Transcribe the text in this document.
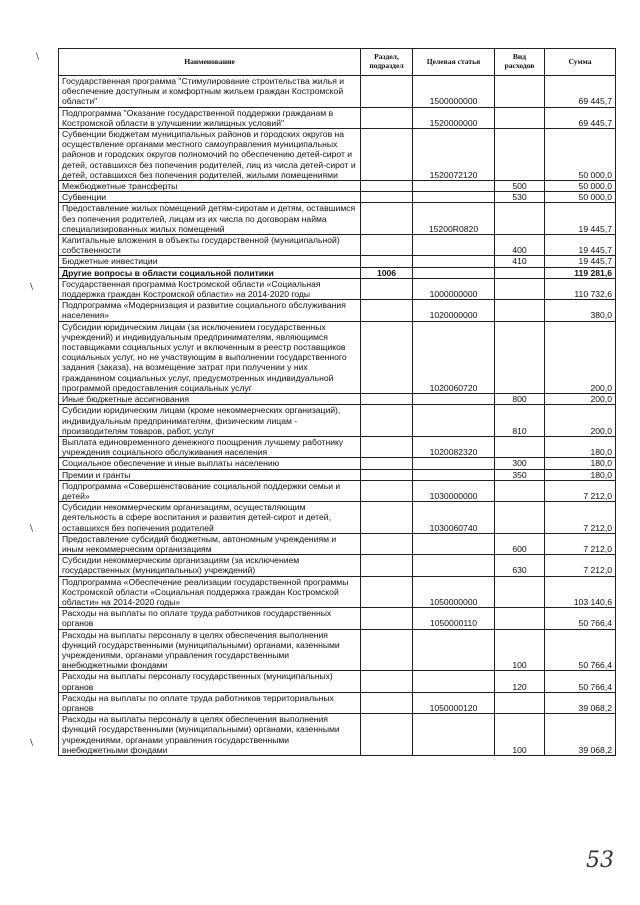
\
\
\
\
Наименование	Раздел, подраздел	Целевая статья	Вид расходов	Сумма
Государственная программа "Стимулирование строительства жилья и обеспечение доступным и комфортным жильем граждан Костромской области"		1500000000		69 445,7
Подпрограмма "Оказание государственной поддержки гражданам в Костромской области в улучшении жилищных условий"		1520000000		69 445,7
Субвенции бюджетам муниципальных районов и городских округов на осуществление органами местного самоуправления муниципальных районов и городских округов полномочий по обеспечению детей-сирот и детей, оставшихся без попечения родителей, лиц из числа детей-сирот и детей, оставшихся без попечения родителей, жилыми помещениями		1520072120		50 000,0
Межбюджетные трансферты			500	50 000,0
Субвенции			530	50 000,0
Предоставление жилых помещений детям-сиротам и детям, оставшимся без попечения родителей, лицам из их числа по договорам найма специализированных жилых помещений		15200R0820		19 445,7
Капитальные вложения в объекты государственной (муниципальной) собственности			400	19 445,7
Бюджетные инвестиции			410	19 445,7
Другие вопросы в области социальной политики	1006			119 281,6
Государственная программа Костромской области «Социальная поддержка граждан Костромской области» на 2014-2020 годы		1000000000		110 732,6
Подпрограмма «Модернизация и развитие социального обслуживания населения»		1020000000		380,0
Субсидии юридическим лицам (за исключением государственных учреждений) и индивидуальным предпринимателям, являющимся поставщиками социальных услуг и включенным в реестр поставщиков социальных услуг, но не участвующим в выполнении государственного задания (заказа), на возмещение затрат при получении у них гражданином социальных услуг, предусмотренных индивидуальной программой предоставления социальных услуг		1020060720		200,0
Иные бюджетные ассигнования			800	200,0
Субсидии юридическим лицам (кроме некоммерческих организаций), индивидуальным предпринимателям, физическим лицам - производителям товаров, работ, услуг			810	200,0
Выплата единовременного денежного поощрения лучшему работнику учреждения социального обслуживания населения		1020082320		180,0
Социальное обеспечение и иные выплаты населению			300	180,0
Премии и гранты			350	180,0
Подпрограмма «Совершенствование социальной поддержки семьи и детей»		1030000000		7 212,0
Субсидии некоммерческим организациям, осуществляющим деятельность в сфере воспитания и развития детей-сирот и детей, оставшихся без попечения родителей		1030060740		7 212,0
Предоставление субсидий бюджетным, автономным учреждениям и иным некоммерческим организациям			600	7 212,0
Субсидии некоммерческим организациям (за исключением государственных (муниципальных) учреждений)			630	7 212,0
Подпрограмма «Обеспечение реализации государственной программы Костромской области «Социальная поддержка граждан Костромской области» на 2014-2020 годы»		1050000000		103 140,6
Расходы на выплаты по оплате труда работников государственных органов		1050000110		50 766,4
Расходы на выплаты персоналу в целях обеспечения выполнения функций государственными (муниципальными) органами, казенными учреждениями, органами управления государственными внебюджетными фондами			100	50 766,4
Расходы на выплаты персоналу государственных (муниципальных) органов			120	50 766,4
Расходы на выплаты по оплате труда работников территориальных органов		1050000120		39 068,2
Расходы на выплаты персоналу в целях обеспечения выполнения функций государственными (муниципальными) органами, казенными учреждениями, органами управления государственными внебюджетными фондами			100	39 068,2
53
